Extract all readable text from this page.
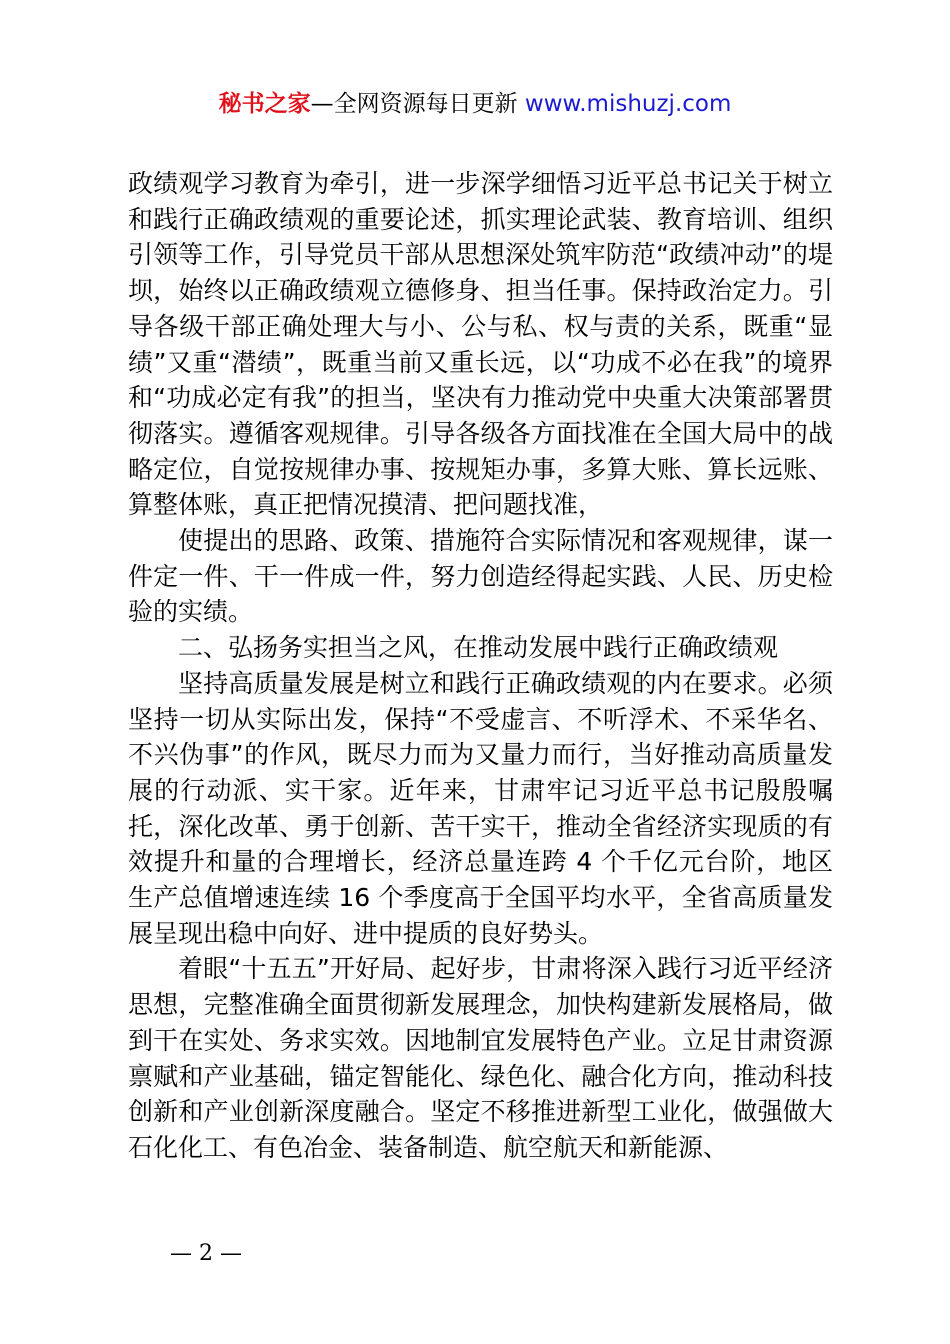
秘书之家—全网资源每日更新 www.mishuzj.com

政绩观学习教育为牵引，进一步深学细悟习近平总书记关于树立和践行正确政绩观的重要论述，抓实理论武装、教育培训、组织引领等工作，引导党员干部从思想深处筑牢防范“政绩冲动”的堤坝，始终以正确政绩观立德修身、担当任事。保持政治定力。引导各级干部正确处理大与小、公与私、权与责的关系，既重“显绩”又重“潜绩”，既重当前又重长远，以“功成不必在我”的境界和“功成必定有我”的担当，坚决有力推动党中央重大决策部署贯彻落实。遵循客观规律。引导各级各方面找准在全国大局中的战略定位，自觉按规律办事、按规矩办事，多算大账、算长远账、算整体账，真正把情况摸清、把问题找准，

使提出的思路、政策、措施符合实际情况和客观规律，谋一件定一件、干一件成一件，努力创造经得起实践、人民、历史检验的实绩。

二、弘扬务实担当之风，在推动发展中践行正确政绩观

坚持高质量发展是树立和践行正确政绩观的内在要求。必须坚持一切从实际出发，保持“不受虚言、不听浮术、不采华名、不兴伪事”的作风，既尽力而为又量力而行，当好推动高质量发展的行动派、实干家。近年来，甘肃牢记习近平总书记殷殷嘱托，深化改革、勇于创新、苦干实干，推动全省经济实现质的有效提升和量的合理增长，经济总量连跨 4 个千亿元台阶，地区生产总值增速连续 16 个季度高于全国平均水平，全省高质量发展呈现出稳中向好、进中提质的良好势头。

着眼“十五五”开好局、起好步，甘肃将深入践行习近平经济思想，完整准确全面贯彻新发展理念，加快构建新发展格局，做到干在实处、务求实效。因地制宜发展特色产业。立足甘肃资源禀赋和产业基础，锚定智能化、绿色化、融合化方向，推动科技创新和产业创新深度融合。坚定不移推进新型工业化，做强做大石化化工、有色冶金、装备制造、航空航天和新能源、

— 2 —
